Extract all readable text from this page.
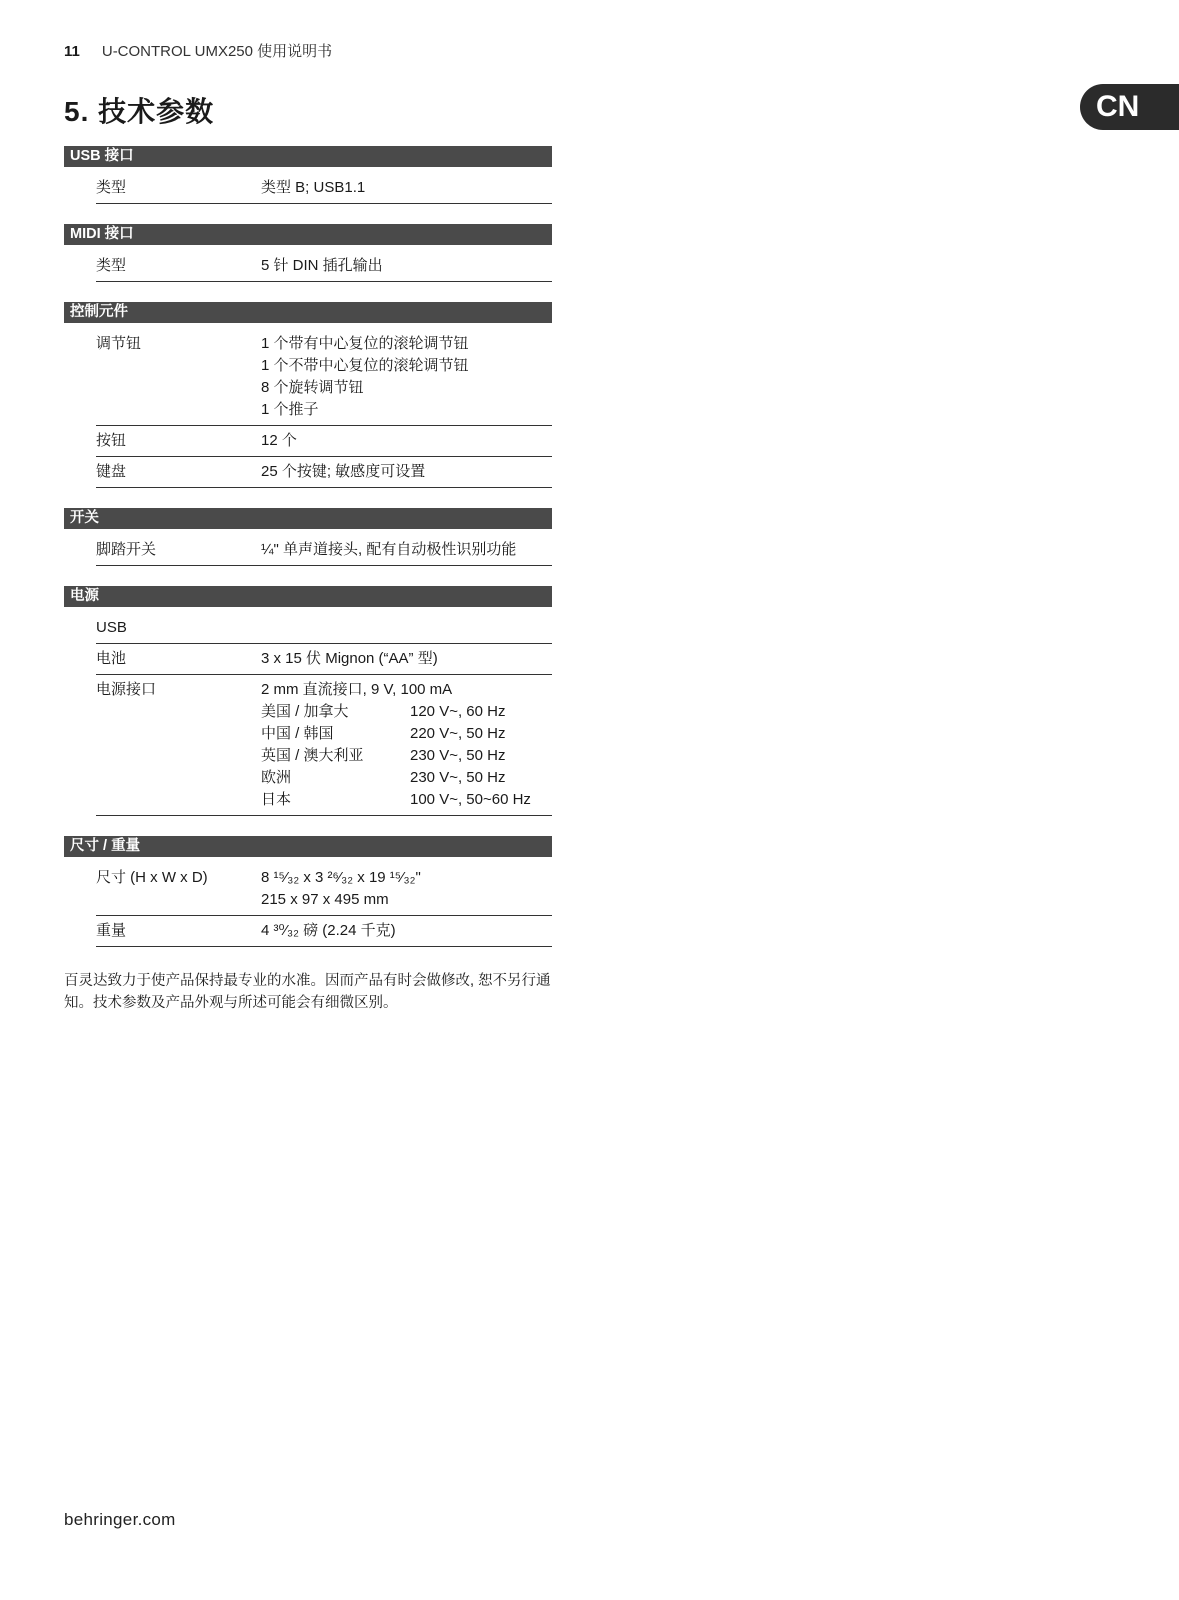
11 U-CONTROL UMX250 使用说明书
CN
5. 技术参数
USB 接口
类型	类型 B; USB1.1
MIDI 接口
类型	5 针 DIN 插孔输出
控制元件
调节钮	1 个带有中心复位的滚轮调节钮
1 个不带中心复位的滚轮调节钮
8 个旋转调节钮
1 个推子
按钮	12 个
键盘	25 个按键; 敏感度可设置
开关
脚踏开关	¼" 单声道接头, 配有自动极性识别功能
电源
USB

电池	3 x 15 伏 Mignon (“AA” 型)
电源接口	2 mm 直流接口, 9 V, 100 mA
美国 / 加拿大	120 V~, 60 Hz
中国 / 韩国	220 V~, 50 Hz
英国 / 澳大利亚	230 V~, 50 Hz
欧洲	230 V~, 50 Hz
日本	100 V~, 50~60 Hz
尺寸 / 重量
尺寸 (H x W x D)	8 ¹⁵⁄₃₂ x 3 ²⁶⁄₃₂ x 19 ¹⁵⁄₃₂"
215 x 97 x 495 mm
重量	4 ³⁰⁄₃₂ 磅 (2.24 千克)
百灵达致力于使产品保持最专业的水准。因而产品有时会做修改, 恕不另行通知。技术参数及产品外观与所述可能会有细微区别。
behringer.com
